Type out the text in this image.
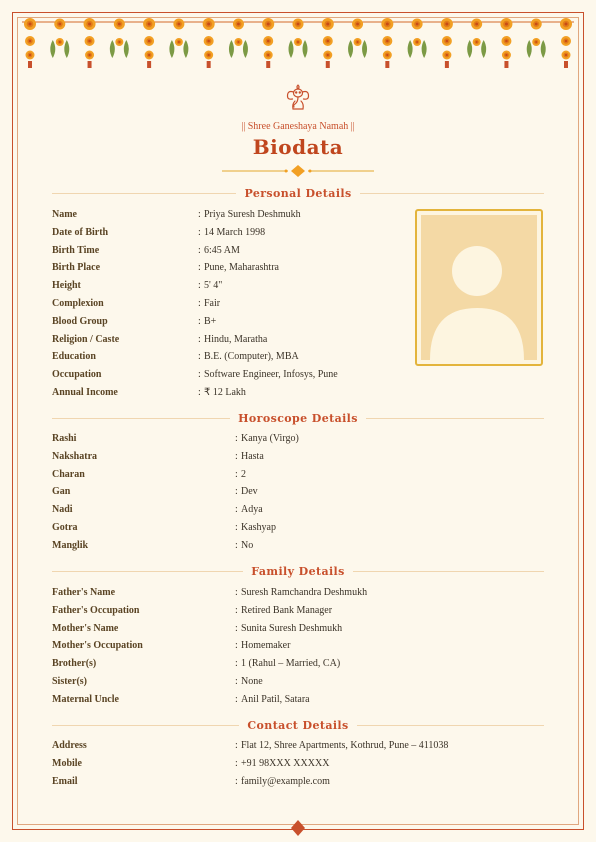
|| Shree Ganeshaya Namah ||
Biodata
Personal Details
Name	: Priya Suresh Deshmukh
Date of Birth	: 14 March 1998
Birth Time	: 6:45 AM
Birth Place	: Pune, Maharashtra
Height	: 5' 4"
Complexion	: Fair
Blood Group	: B+
Religion / Caste	: Hindu, Maratha
Education	: B.E. (Computer), MBA
Occupation	: Software Engineer, Infosys, Pune
Annual Income	: ₹ 12 Lakh
Horoscope Details
Rashi	: Kanya (Virgo)
Nakshatra	: Hasta
Charan	: 2
Gan	: Dev
Nadi	: Adya
Gotra	: Kashyap
Manglik	: No
Family Details
Father's Name	: Suresh Ramchandra Deshmukh
Father's Occupation	: Retired Bank Manager
Mother's Name	: Sunita Suresh Deshmukh
Mother's Occupation	: Homemaker
Brother(s)	: 1 (Rahul – Married, CA)
Sister(s)	: None
Maternal Uncle	: Anil Patil, Satara
Contact Details
Address	: Flat 12, Shree Apartments, Kothrud, Pune – 411038
Mobile	: +91 98XXX XXXXX
Email	: family@example.com
